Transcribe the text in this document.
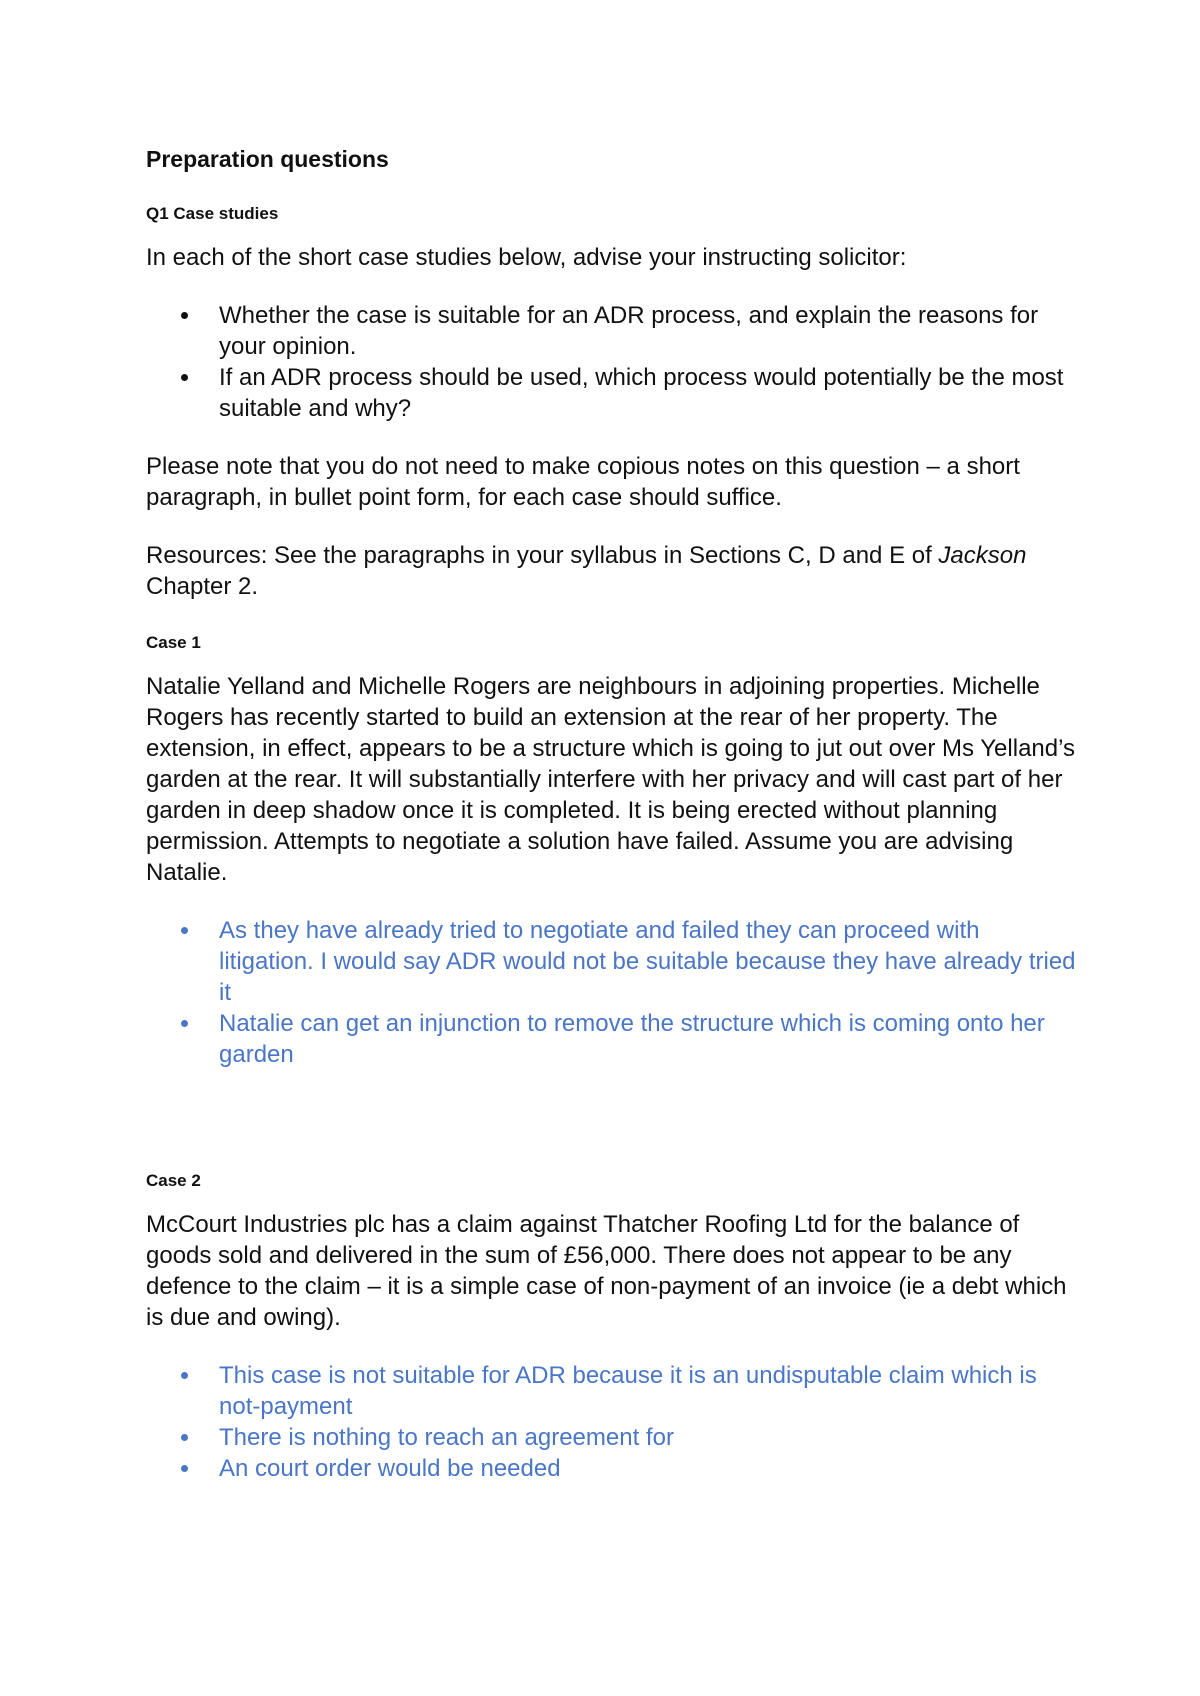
Preparation questions
Q1 Case studies
In each of the short case studies below, advise your instructing solicitor:
Whether the case is suitable for an ADR process, and explain the reasons for your opinion.
If an ADR process should be used, which process would potentially be the most suitable and why?
Please note that you do not need to make copious notes on this question – a short paragraph, in bullet point form, for each case should suffice.
Resources: See the paragraphs in your syllabus in Sections C, D and E of Jackson Chapter 2.
Case 1
Natalie Yelland and Michelle Rogers are neighbours in adjoining properties. Michelle Rogers has recently started to build an extension at the rear of her property. The extension, in effect, appears to be a structure which is going to jut out over Ms Yelland’s garden at the rear. It will substantially interfere with her privacy and will cast part of her garden in deep shadow once it is completed. It is being erected without planning permission. Attempts to negotiate a solution have failed. Assume you are advising Natalie.
As they have already tried to negotiate and failed they can proceed with litigation. I would say ADR would not be suitable because they have already tried it
Natalie can get an injunction to remove the structure which is coming onto her garden
Case 2
McCourt Industries plc has a claim against Thatcher Roofing Ltd for the balance of goods sold and delivered in the sum of £56,000. There does not appear to be any defence to the claim – it is a simple case of non-payment of an invoice (ie a debt which is due and owing).
This case is not suitable for ADR because it is an undisputable claim which is not-payment
There is nothing to reach an agreement for
An court order would be needed
